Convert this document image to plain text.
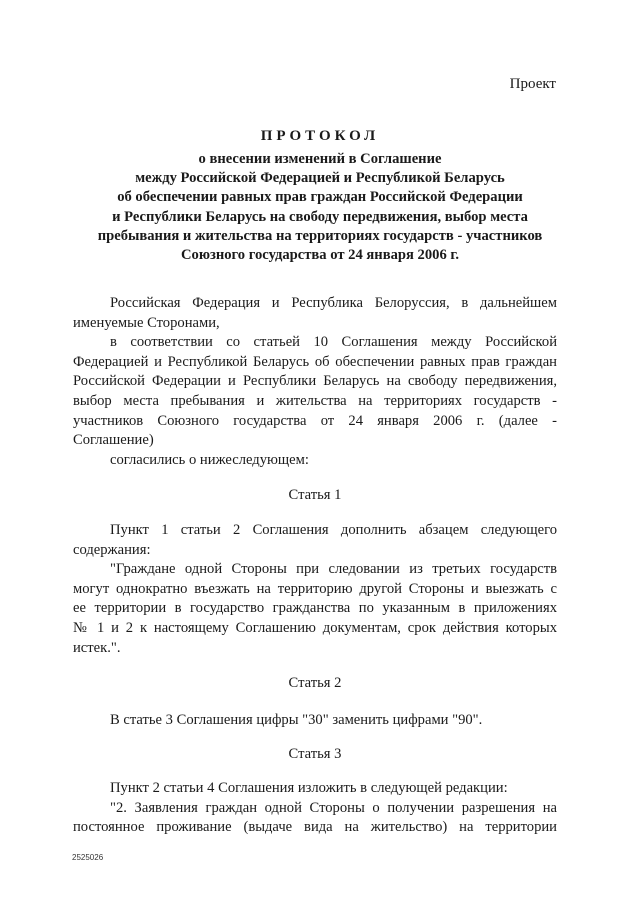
Проект
ПРОТОКОЛ
о внесении изменений в Соглашение
между Российской Федерацией и Республикой Беларусь
об обеспечении равных прав граждан Российской Федерации
и Республики Беларусь на свободу передвижения, выбор места
пребывания и жительства на территориях государств - участников
Союзного государства от 24 января 2006 г.
Российская Федерация и Республика Белоруссия, в дальнейшем
именуемые Сторонами,
в соответствии со статьей 10 Соглашения между Российской
Федерацией и Республикой Беларусь об обеспечении равных прав граждан
Российской Федерации и Республики Беларусь на свободу передвижения,
выбор места пребывания и жительства на территориях государств -
участников Союзного государства от 24 января 2006 г. (далее -
Соглашение)
согласились о нижеследующем:
Статья 1
Пункт 1 статьи 2 Соглашения дополнить абзацем следующего
содержания:
"Граждане одной Стороны при следовании из третьих государств
могут однократно въезжать на территорию другой Стороны и выезжать с
ее территории в государство гражданства по указанным в приложениях
№ 1 и 2 к настоящему Соглашению документам, срок действия которых
истек.".
Статья 2
В статье 3 Соглашения цифры "30" заменить цифрами "90".
Статья 3
Пункт 2 статьи 4 Соглашения изложить в следующей редакции:
"2. Заявления граждан одной Стороны о получении разрешения на
постоянное проживание (выдаче вида на жительство) на территории
2525026
